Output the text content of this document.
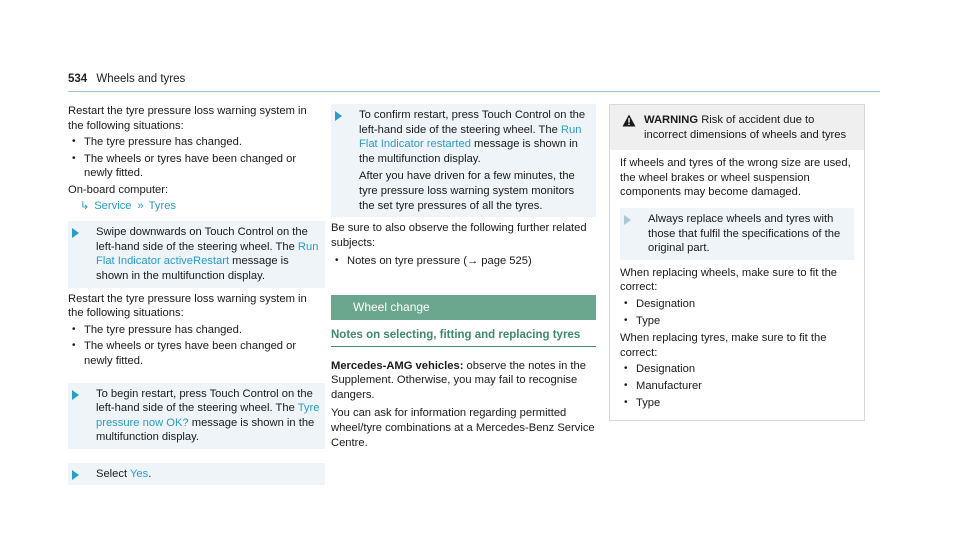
534 Wheels and tyres

Restart the tyre pressure loss warning system in the following situations:

•
The tyre pressure has changed.
•
The wheels or tyres have been changed or newly fitted.

On-board computer:

↳ Service » Tyres
Swipe downwards on Touch Control on the left-hand side of the steering wheel. The Run Flat Indicator activeRestart message is shown in the multifunction display.

Restart the tyre pressure loss warning system in the following situations:

•
The tyre pressure has changed.
•
The wheels or tyres have been changed or newly fitted.
To begin restart, press Touch Control on the left-hand side of the steering wheel. The Tyre pressure now OK? message is shown in the multifunction display.
Select Yes.
To confirm restart, press Touch Control on the left-hand side of the steering wheel. The Run Flat Indicator restarted message is shown in the multifunction display.

After you have driven for a few minutes, the tyre pressure loss warning system monitors the set tyre pressures of all the tyres.

Be sure to also observe the following further related subjects:

•
Notes on tyre pressure (→ page 525)
Wheel change
Notes on selecting, fitting and replacing tyres

Mercedes-AMG vehicles: observe the notes in the Supplement. Otherwise, you may fail to recognise dangers.

You can ask for information regarding permitted wheel/tyre combinations at a Mercedes-Benz Service Centre.

WARNING Risk of accident due to incorrect dimensions of wheels and tyres

If wheels and tyres of the wrong size are used, the wheel brakes or wheel suspension components may become damaged.

Always replace wheels and tyres with those that fulfil the specifications of the original part.

When replacing wheels, make sure to fit the correct:

•
Designation
•
Type

When replacing tyres, make sure to fit the correct:

•
Designation
•
Manufacturer
•
Type
